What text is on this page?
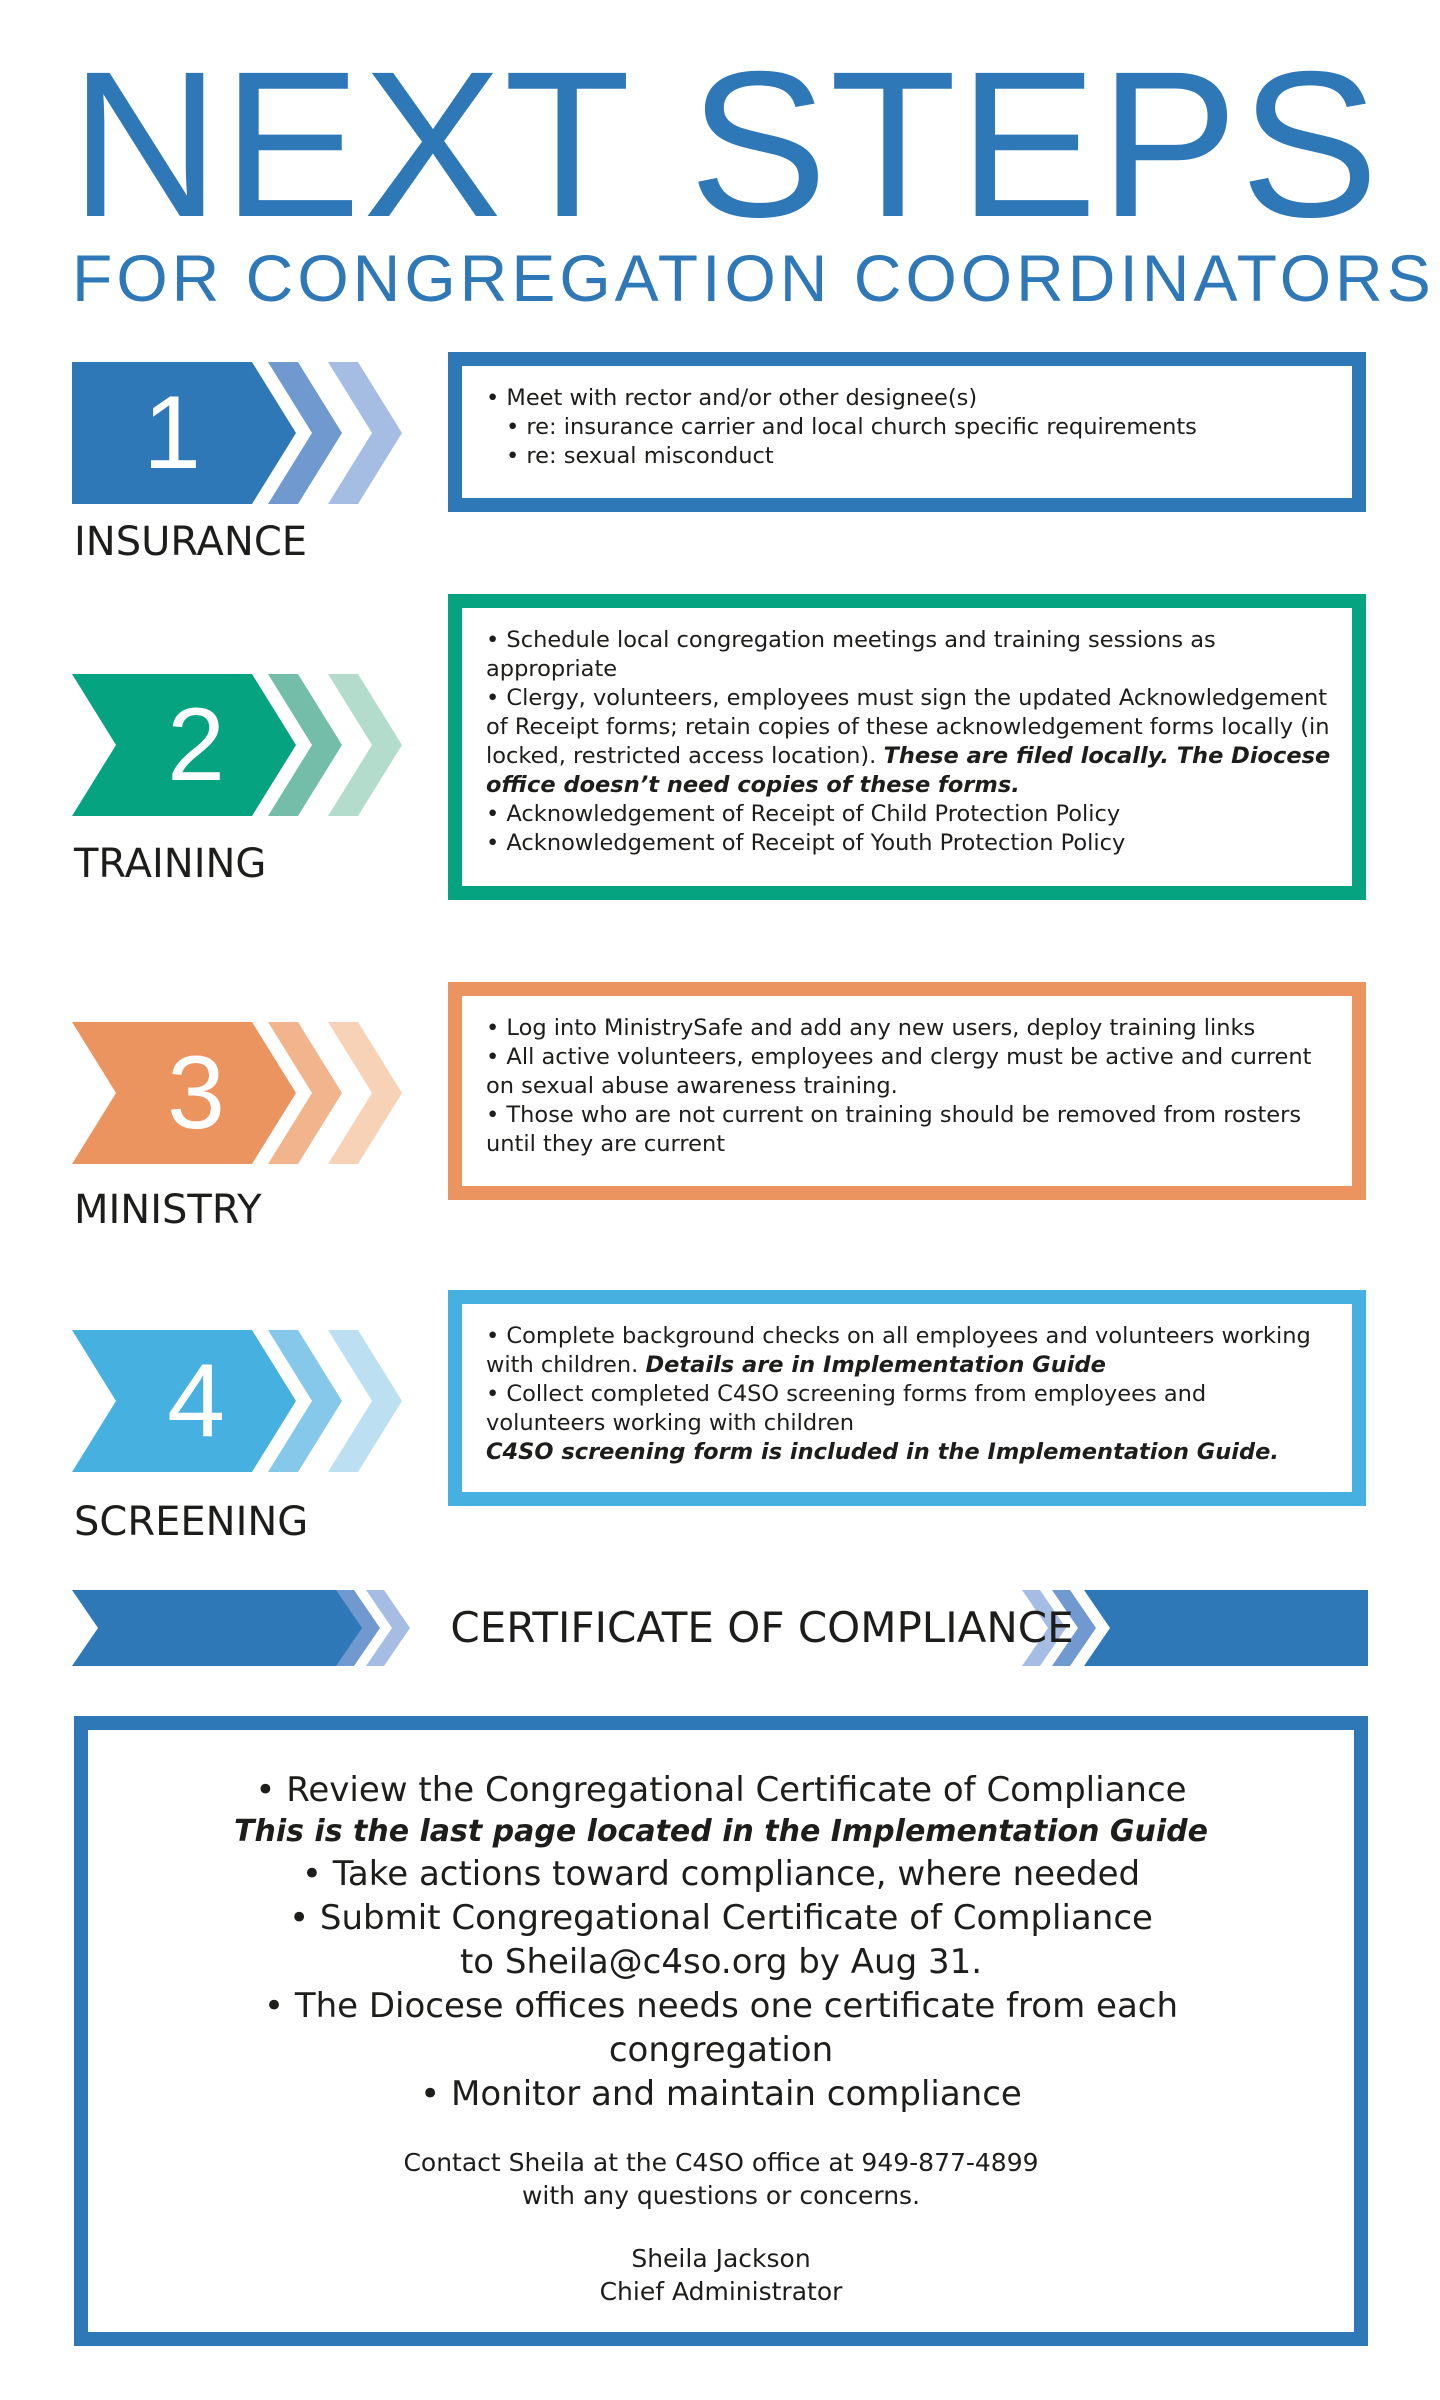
NEXT STEPS
FOR CONGREGATION COORDINATORS
1
INSURANCE

• Meet with rector and/or other designee(s)

• re: insurance carrier and local church specific requirements

• re: sexual misconduct

2
TRAINING

• Schedule local congregation meetings and training sessions as appropriate

• Clergy, volunteers, employees must sign the updated Acknowledgement of Receipt forms; retain copies of these acknowledgement forms locally (in locked, restricted access location). These are filed locally. The Diocese office doesn’t need copies of these forms.

• Acknowledgement of Receipt of Child Protection Policy

• Acknowledgement of Receipt of Youth Protection Policy

3
MINISTRY

• Log into MinistrySafe and add any new users, deploy training links

• All active volunteers, employees and clergy must be active and current on sexual abuse awareness training.

• Those who are not current on training should be removed from rosters until they are current

4
SCREENING

• Complete background checks on all employees and volunteers working with children. Details are in Implementation Guide

• Collect completed C4SO screening forms from employees and volunteers working with children

C4SO screening form is included in the Implementation Guide.

CERTIFICATE OF COMPLIANCE

• Review the Congregational Certificate of Compliance

This is the last page located in the Implementation Guide

• Take actions toward compliance, where needed

• Submit Congregational Certificate of Compliance

to Sheila@c4so.org by Aug 31.

• The Diocese offices needs one certificate from each

congregation

• Monitor and maintain compliance

Contact Sheila at the C4SO office at 949-877-4899

with any questions or concerns.

Sheila Jackson

Chief Administrator
